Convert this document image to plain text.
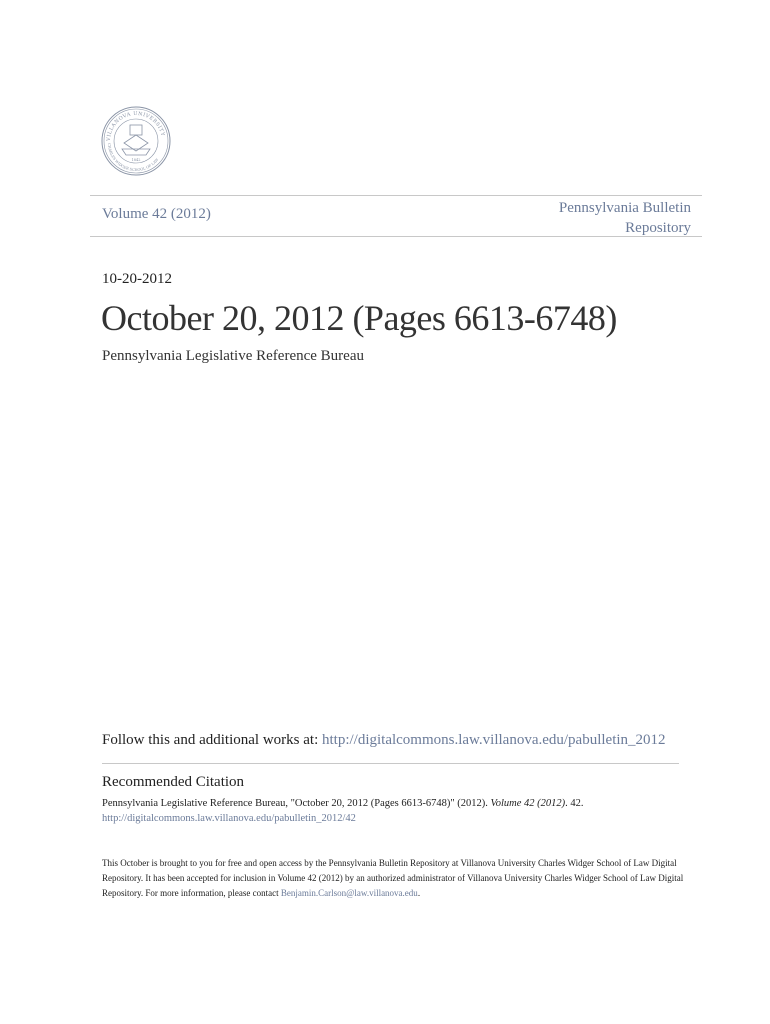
VILLANOVA UNIVERSITY
CHARLES WIDGER SCHOOL OF LAW
1842
Volume 42 (2012)	Pennsylvania Bulletin
Repository
10-20-2012
October 20, 2012 (Pages 6613-6748)
Pennsylvania Legislative Reference Bureau
Follow this and additional works at: http://digitalcommons.law.villanova.edu/pabulletin_2012
Recommended Citation
Pennsylvania Legislative Reference Bureau, "October 20, 2012 (Pages 6613-6748)" (2012). Volume 42 (2012). 42.
http://digitalcommons.law.villanova.edu/pabulletin_2012/42
This October is brought to you for free and open access by the Pennsylvania Bulletin Repository at Villanova University Charles Widger School of Law Digital Repository. It has been accepted for inclusion in Volume 42 (2012) by an authorized administrator of Villanova University Charles Widger School of Law Digital Repository. For more information, please contact Benjamin.Carlson@law.villanova.edu.
